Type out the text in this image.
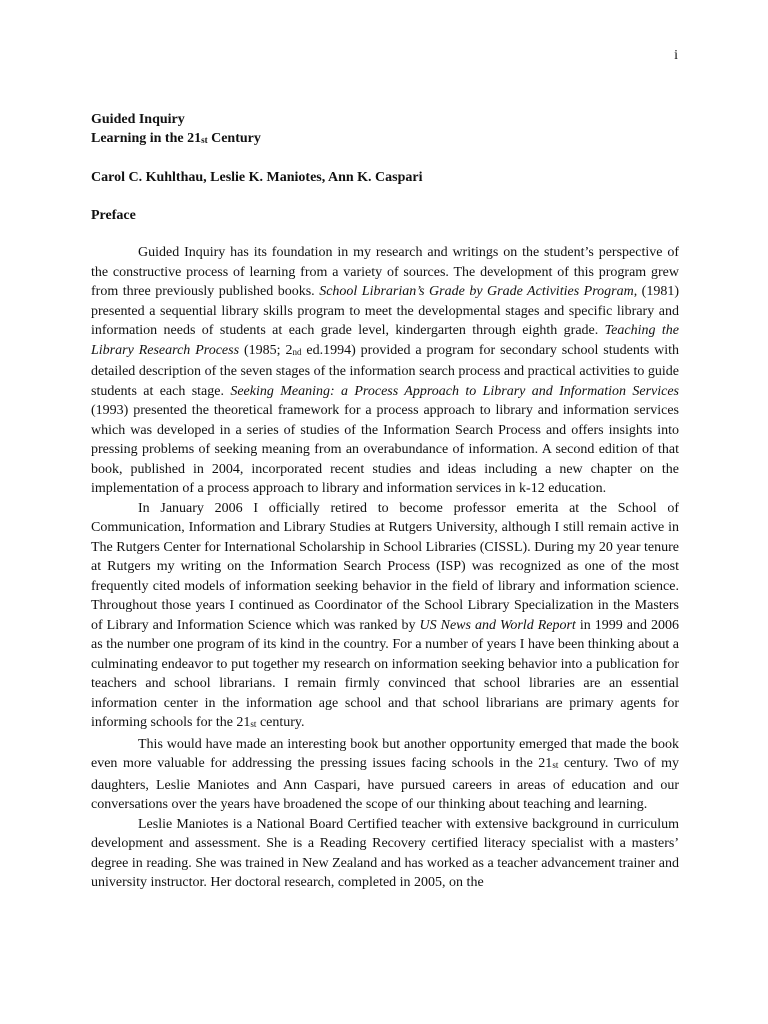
i
Guided Inquiry
Learning in the 21st Century
Carol C. Kuhlthau, Leslie K. Maniotes, Ann K. Caspari
Preface

Guided Inquiry has its foundation in my research and writings on the student’s perspective of the constructive process of learning from a variety of sources. The development of this program grew from three previously published books. School Librarian’s Grade by Grade Activities Program, (1981) presented a sequential library skills program to meet the developmental stages and specific library and information needs of students at each grade level, kindergarten through eighth grade. Teaching the Library Research Process (1985; 2nd ed.1994) provided a program for secondary school students with detailed description of the seven stages of the information search process and practical activities to guide students at each stage. Seeking Meaning: a Process Approach to Library and Information Services (1993) presented the theoretical framework for a process approach to library and information services which was developed in a series of studies of the Information Search Process and offers insights into pressing problems of seeking meaning from an overabundance of information. A second edition of that book, published in 2004, incorporated recent studies and ideas including a new chapter on the implementation of a process approach to library and information services in k-12 education.

In January 2006 I officially retired to become professor emerita at the School of Communication, Information and Library Studies at Rutgers University, although I still remain active in The Rutgers Center for International Scholarship in School Libraries (CISSL). During my 20 year tenure at Rutgers my writing on the Information Search Process (ISP) was recognized as one of the most frequently cited models of information seeking behavior in the field of library and information science. Throughout those years I continued as Coordinator of the School Library Specialization in the Masters of Library and Information Science which was ranked by US News and World Report in 1999 and 2006 as the number one program of its kind in the country. For a number of years I have been thinking about a culminating endeavor to put together my research on information seeking behavior into a publication for teachers and school librarians. I remain firmly convinced that school libraries are an essential information center in the information age school and that school librarians are primary agents for informing schools for the 21st century.

This would have made an interesting book but another opportunity emerged that made the book even more valuable for addressing the pressing issues facing schools in the 21st century. Two of my daughters, Leslie Maniotes and Ann Caspari, have pursued careers in areas of education and our conversations over the years have broadened the scope of our thinking about teaching and learning.

Leslie Maniotes is a National Board Certified teacher with extensive background in curriculum development and assessment. She is a Reading Recovery certified literacy specialist with a masters’ degree in reading. She was trained in New Zealand and has worked as a teacher advancement trainer and university instructor. Her doctoral research, completed in 2005, on the
